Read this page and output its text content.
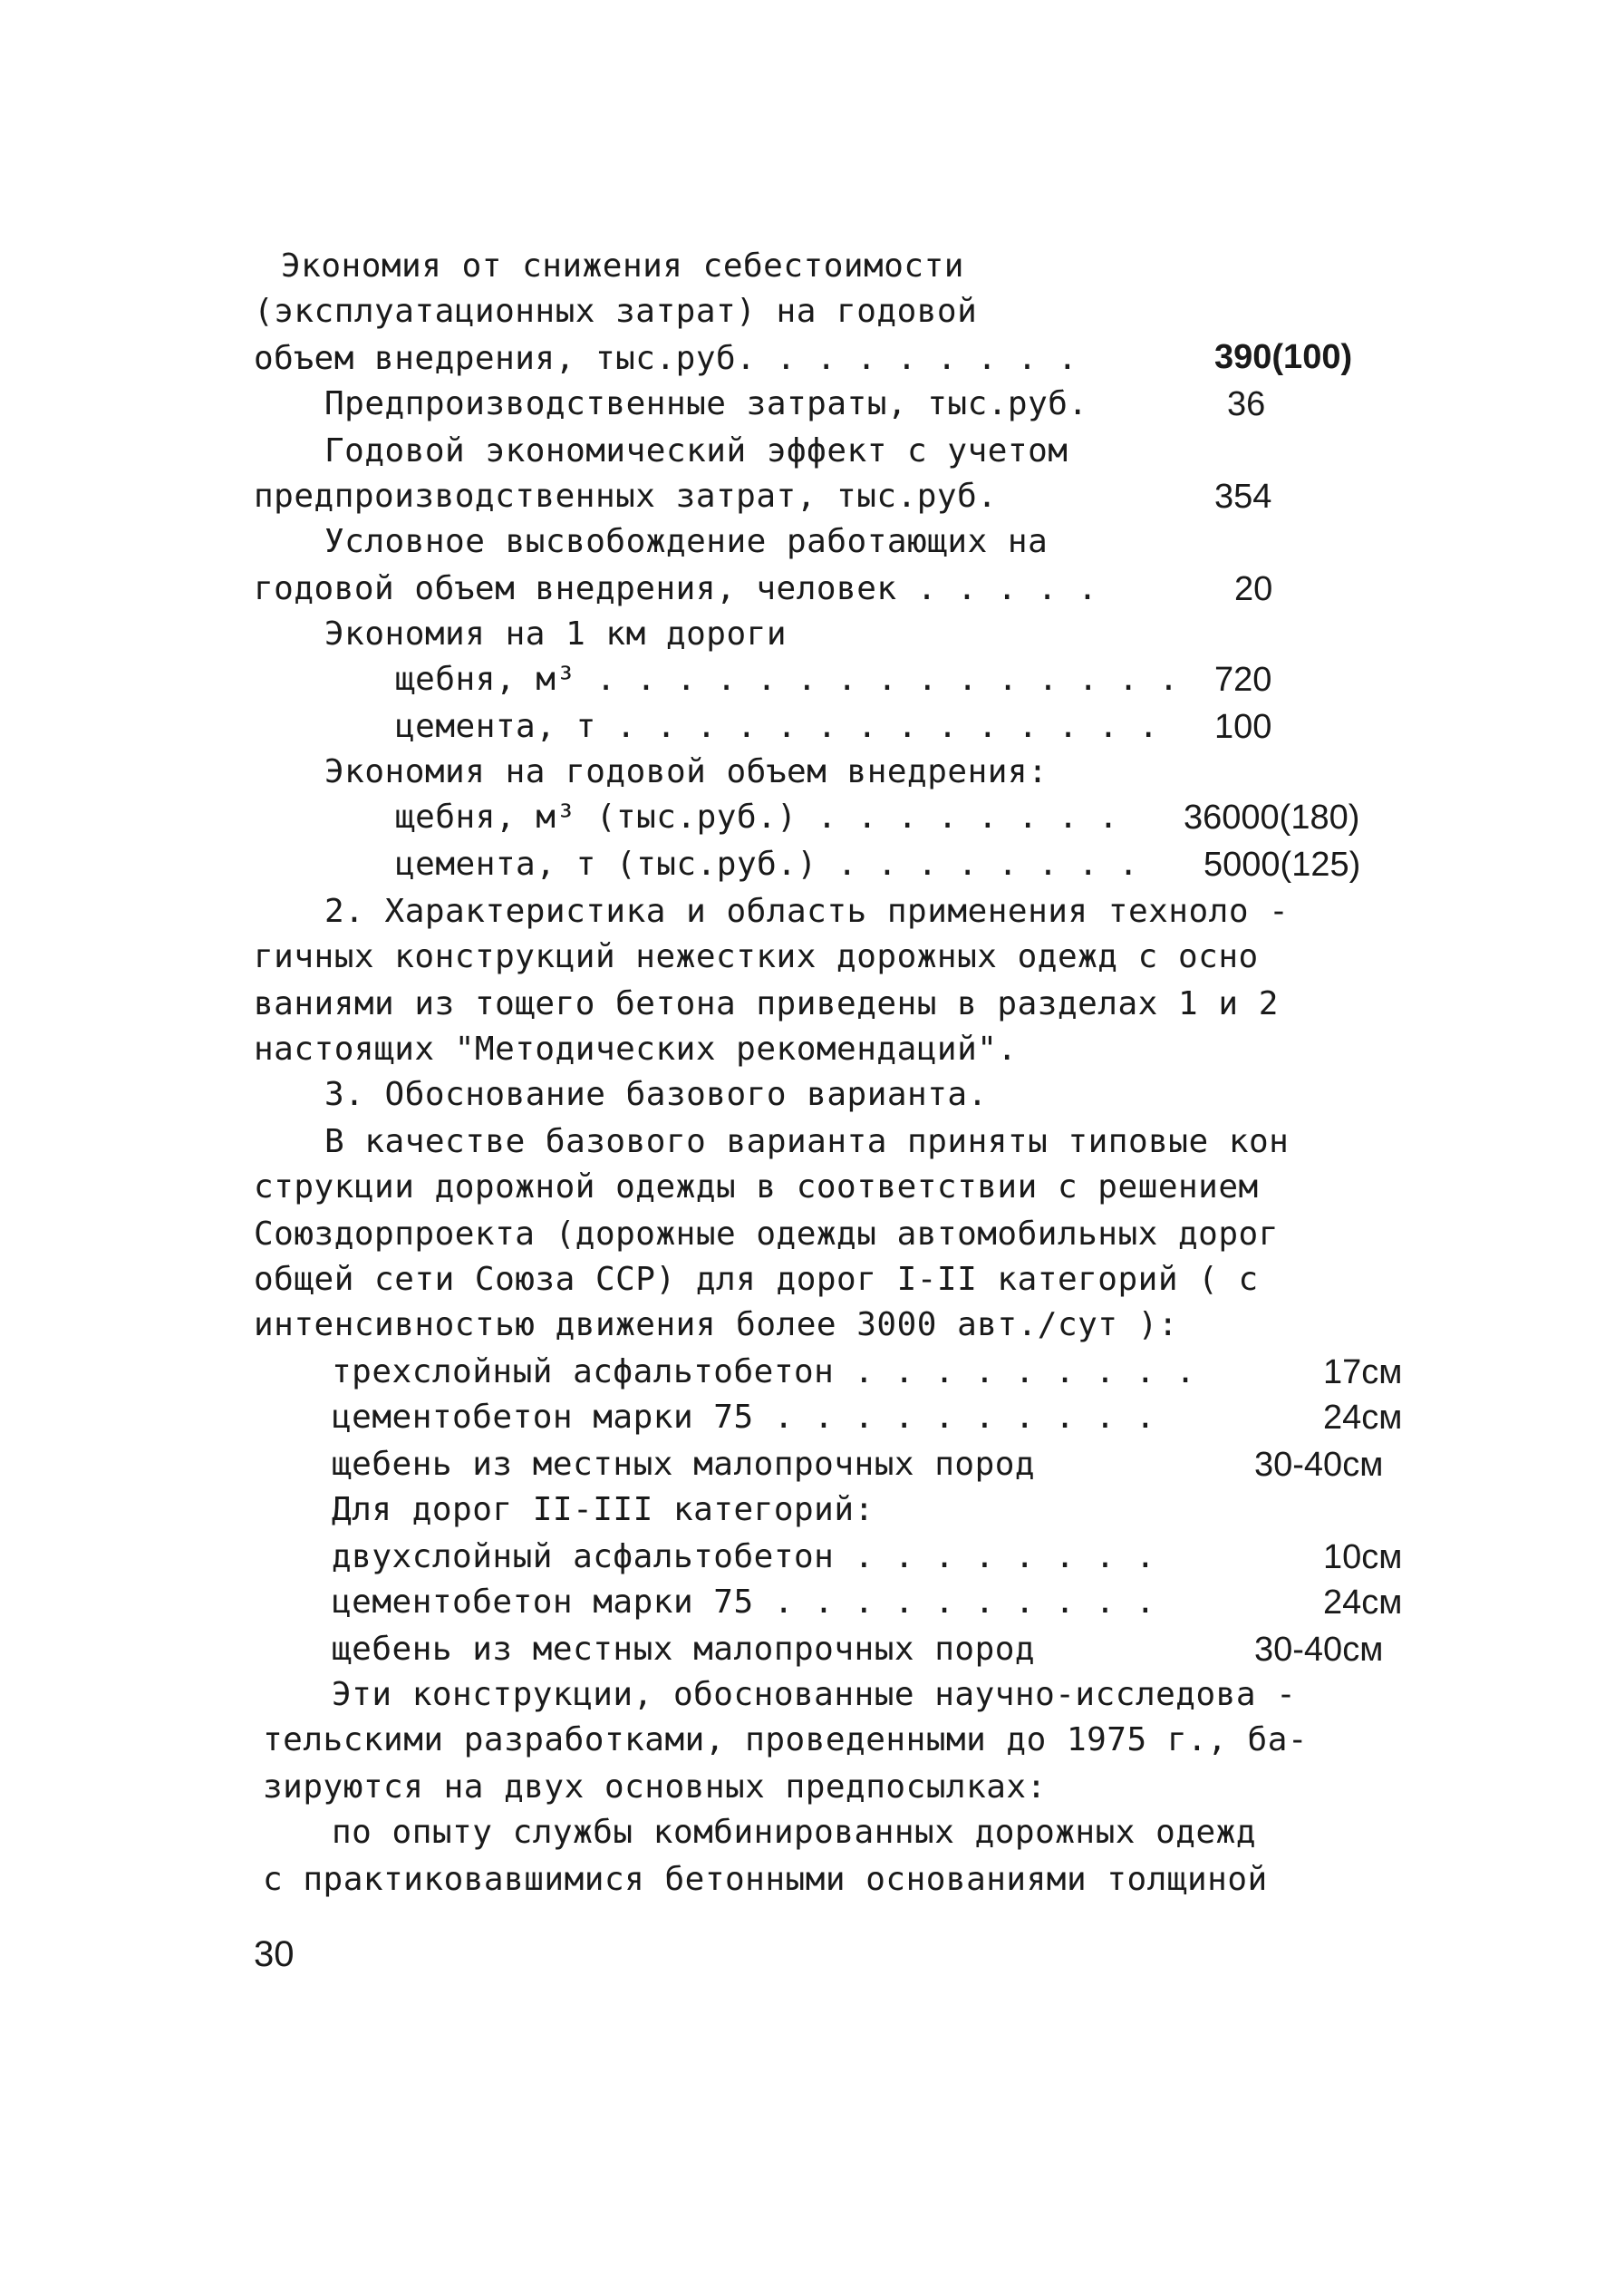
Экономия от снижения себестоимости
(эксплуатационных затрат) на годовой
объем внедрения, тыс.руб. . . . . . . . .	390(100)
Предпроизводственные затраты, тыс.руб.	36
Годовой экономический эффект с учетом
предпроизводственных затрат, тыс.руб.	354
Условное высвобождение работающих на
годовой объем внедрения, человек . . . . .	20
Экономия на 1 км дороги
щебня, м³ . . . . . . . . . . . . . . . 720
цемента, т . . . . . . . . . . . . . . 100
Экономия на годовой объем внедрения:
щебня, м³ (тыс.руб.) . . . . . . . . 36000(180)
цемента, т (тыс.руб.) . . . . . . . . 5000(125)
2. Характеристика и область применения техноло -
гичных конструкций нежестких дорожных одежд с осно
ваниями из тощего бетона приведены в разделах 1 и 2
настоящих "Методических рекомендаций".
3. Обоснование базового варианта.
В качестве базового варианта приняты типовые кон
струкции дорожной одежды в соответствии с решением
Союздорпроекта (дорожные одежды автомобильных дорог
общей сети Союза ССР) для дорог I-II категорий ( с
интенсивностью движения более 3000 авт./сут ):
трехслойный асфальтобетон . . . . . . . . .	17см
цементобетон марки 75 . . . . . . . . . .	24см
щебень из местных малопрочных пород	30-40см
Для дорог II-III категорий:
двухслойный асфальтобетон . . . . . . . .	10см
цементобетон марки 75 . . . . . . . . . .	24см
щебень из местных малопрочных пород	30-40см
Эти конструкции, обоснованные научно-исследова -
тельскими разработками, проведенными до 1975 г., ба-
зируются на двух основных предпосылках:
по опыту службы комбинированных дорожных одежд
с практиковавшимися бетонными основаниями толщиной
30
